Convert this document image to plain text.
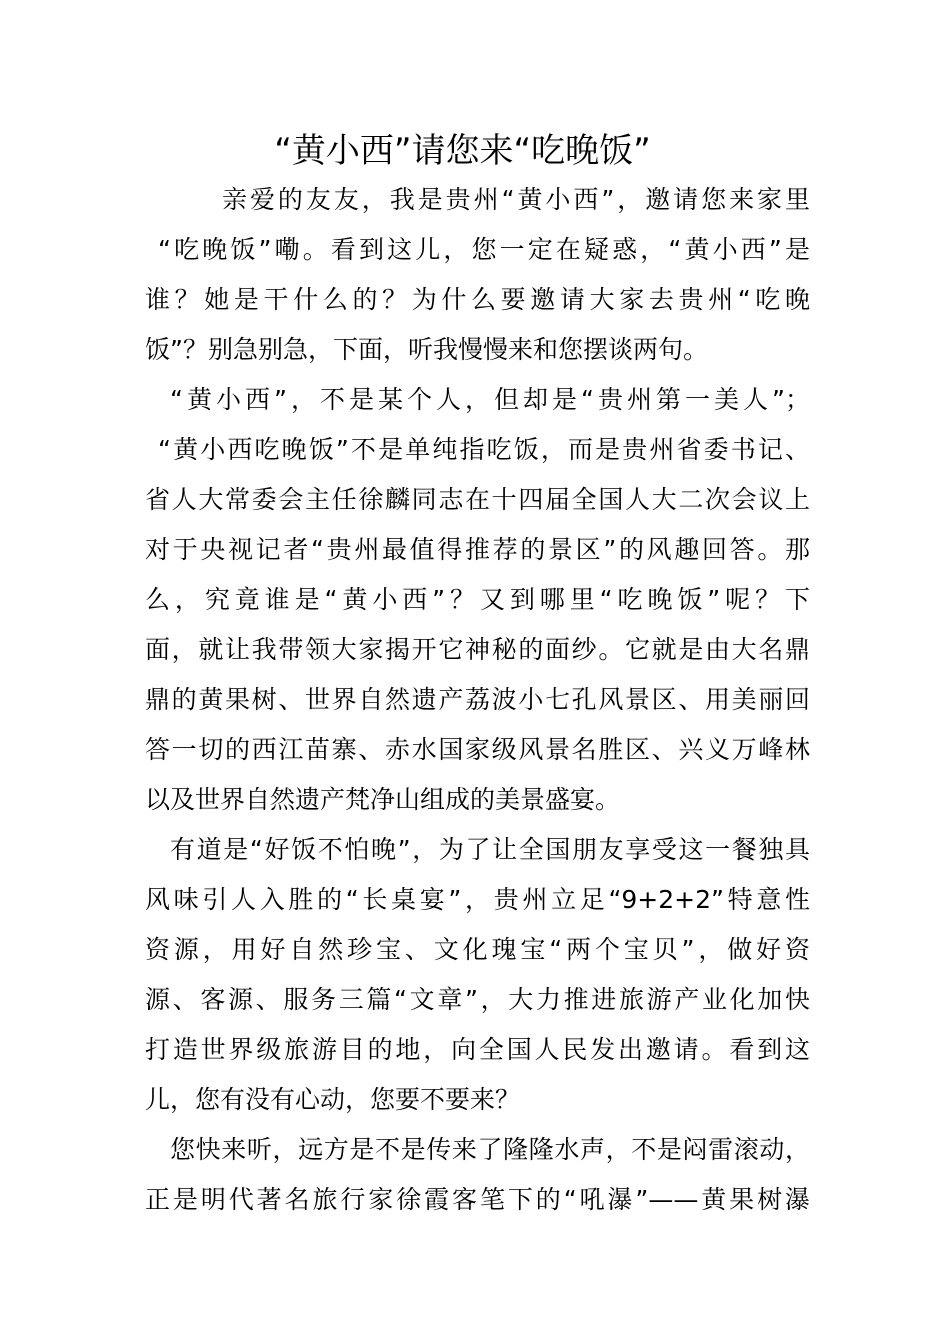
“黄小西”请您来“吃晚饭”
亲爱的友友，我是贵州“黄小西”，邀请您来家里
“吃晚饭”嘞。看到这儿，您一定在疑惑，“黄小西”是
谁？她是干什么的？为什么要邀请大家去贵州“吃晚
饭”？别急别急，下面，听我慢慢来和您摆谈两句。
“黄小西”，不是某个人，但却是“贵州第一美人”；
“黄小西吃晚饭”不是单纯指吃饭，而是贵州省委书记、
省人大常委会主任徐麟同志在十四届全国人大二次会议上
对于央视记者“贵州最值得推荐的景区”的风趣回答。那
么，究竟谁是“黄小西”？又到哪里“吃晚饭”呢？下
面，就让我带领大家揭开它神秘的面纱。它就是由大名鼎
鼎的黄果树、世界自然遗产荔波小七孔风景区、用美丽回
答一切的西江苗寨、赤水国家级风景名胜区、兴义万峰林
以及世界自然遗产梵净山组成的美景盛宴。
有道是“好饭不怕晚”，为了让全国朋友享受这一餐独具
风味引人入胜的“长桌宴”，贵州立足“9+2+2”特意性
资源，用好自然珍宝、文化瑰宝“两个宝贝”，做好资
源、客源、服务三篇“文章”，大力推进旅游产业化加快
打造世界级旅游目的地，向全国人民发出邀请。看到这
儿，您有没有心动，您要不要来？
您快来听，远方是不是传来了隆隆水声，不是闷雷滚动，
正是明代著名旅行家徐霞客笔下的“吼瀑”——黄果树瀑
